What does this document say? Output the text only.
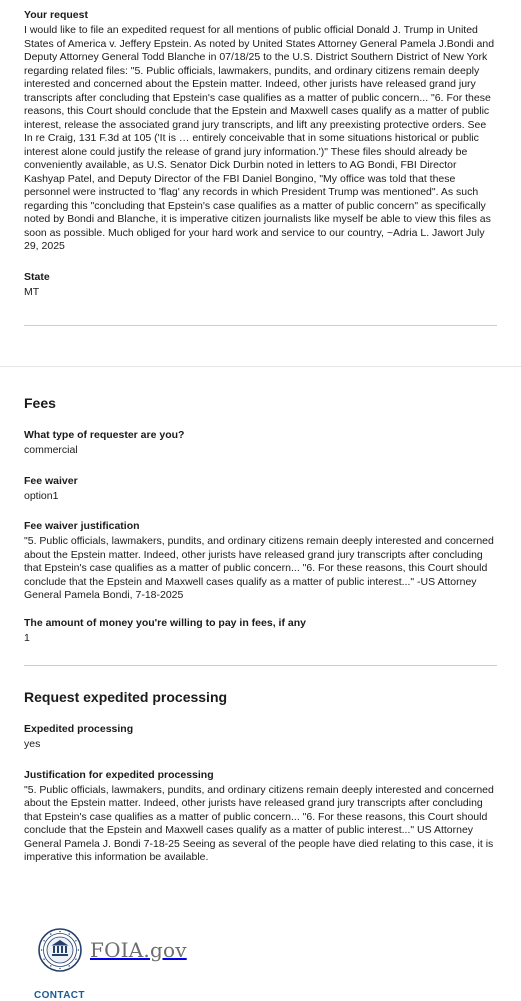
Your request
I would like to file an expedited request for all mentions of public official Donald J. Trump in United States of America v. Jeffery Epstein. As noted by United States Attorney General Pamela J.Bondi and Deputy Attorney General Todd Blanche in 07/18/25 to the U.S. District Southern District of New York regarding related files: "5. Public officials, lawmakers, pundits, and ordinary citizens remain deeply interested and concerned about the Epstein matter. Indeed, other jurists have released grand jury transcripts after concluding that Epstein's case qualifies as a matter of public concern... "6. For these reasons, this Court should conclude that the Epstein and Maxwell cases qualify as a matter of public interest, release the associated grand jury transcripts, and lift any preexisting protective orders. See In re Craig, 131 F.3d at 105 ('It is … entirely conceivable that in some situations historical or public interest alone could justify the release of grand jury information.')" These files should already be conveniently available, as U.S. Senator Dick Durbin noted in letters to AG Bondi, FBI Director Kashyap Patel, and Deputy Director of the FBI Daniel Bongino, "My office was told that these personnel were instructed to 'flag' any records in which President Trump was mentioned". As such regarding this "concluding that Epstein's case qualifies as a matter of public concern" as specifically noted by Bondi and Blanche, it is imperative citizen journalists like myself be able to view this files as soon as possible. Much obliged for your hard work and service to our country, ~Adria L. Jawort July 29, 2025
State
MT
Fees
What type of requester are you?
commercial
Fee waiver
option1
Fee waiver justification
"5. Public officials, lawmakers, pundits, and ordinary citizens remain deeply interested and concerned about the Epstein matter. Indeed, other jurists have released grand jury transcripts after concluding that Epstein's case qualifies as a matter of public concern... "6. For these reasons, this Court should conclude that the Epstein and Maxwell cases qualify as a matter of public interest..." -US Attorney General Pamela Bondi, 7-18-2025
The amount of money you're willing to pay in fees, if any
1
Request expedited processing
Expedited processing
yes
Justification for expedited processing
"5. Public officials, lawmakers, pundits, and ordinary citizens remain deeply interested and concerned about the Epstein matter. Indeed, other jurists have released grand jury transcripts after concluding that Epstein's case qualifies as a matter of public concern... "6. For these reasons, this Court should conclude that the Epstein and Maxwell cases qualify as a matter of public interest..." US Attorney General Pamela J. Bondi 7-18-25 Seeing as several of the people have died relating to this case, it is imperative this information be available.
FOIA.gov
CONTACT
